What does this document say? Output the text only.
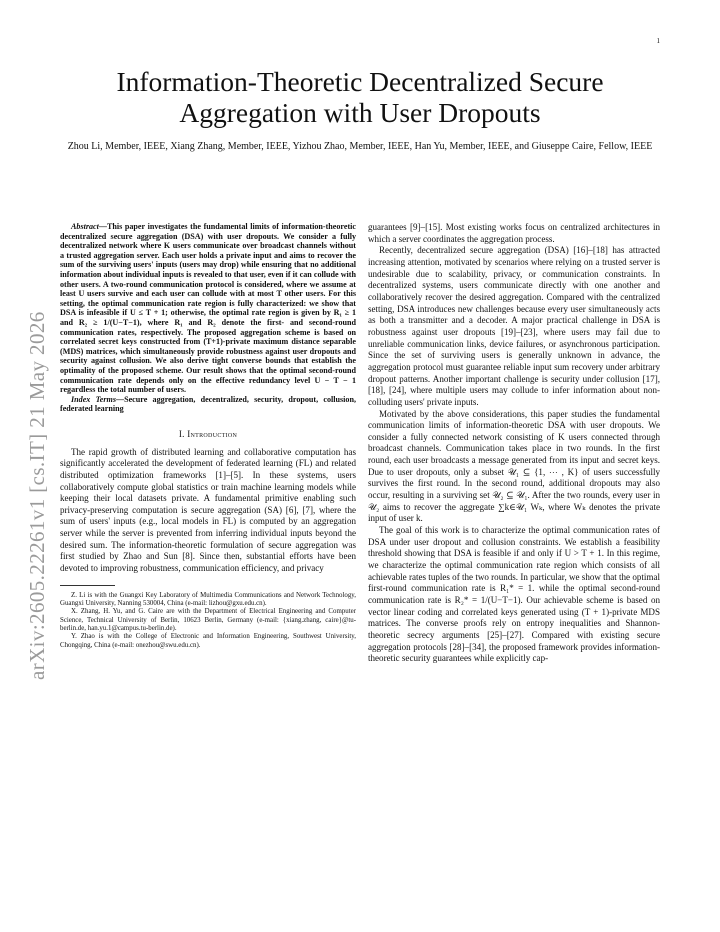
1
arXiv:2605.22261v1 [cs.IT] 21 May 2026
Information-Theoretic Decentralized Secure Aggregation with User Dropouts
Zhou Li, Member, IEEE, Xiang Zhang, Member, IEEE, Yizhou Zhao, Member, IEEE, Han Yu, Member, IEEE, and Giuseppe Caire, Fellow, IEEE

Abstract—This paper investigates the fundamental limits of information-theoretic decentralized secure aggregation (DSA) with user dropouts. We consider a fully decentralized network where K users communicate over broadcast channels without a trusted aggregation server. Each user holds a private input and aims to recover the sum of the surviving users' inputs (users may drop) while ensuring that no additional information about individual inputs is revealed to that user, even if it can collude with other users. A two-round communication protocol is considered, where we assume at least U users survive and each user can collude with at most T other users. For this setting, the optimal communication rate region is fully characterized: we show that DSA is infeasible if U ≤ T + 1; otherwise, the optimal rate region is given by R₁ ≥ 1 and R₂ ≥ 1/(U−T−1), where R₁ and R₂ denote the first- and second-round communication rates, respectively. The proposed aggregation scheme is based on correlated secret keys constructed from (T+1)-private maximum distance separable (MDS) matrices, which simultaneously provide robustness against user dropouts and security against collusion. We also derive tight converse bounds that establish the optimality of the proposed scheme. Our result shows that the optimal second-round communication rate depends only on the effective redundancy level U − T − 1 regardless the total number of users.

Index Terms—Secure aggregation, decentralized, security, dropout, collusion, federated learning

I. Introduction

The rapid growth of distributed learning and collaborative computation has significantly accelerated the development of federated learning (FL) and related distributed optimization frameworks [1]–[5]. In these systems, users collaboratively compute global statistics or train machine learning models while keeping their local datasets private. A fundamental primitive enabling such privacy-preserving computation is secure aggregation (SA) [6], [7], where the sum of users' inputs (e.g., local models in FL) is computed by an aggregation server while the server is prevented from inferring individual inputs beyond the desired sum. The information-theoretic formulation of secure aggregation was first studied by Zhao and Sun [8]. Since then, substantial efforts have been devoted to improving robustness, communication efficiency, and privacy

Z. Li is with the Guangxi Key Laboratory of Multimedia Communications and Network Technology, Guangxi University, Nanning 530004, China (e-mail: lizhou@gxu.edu.cn).

X. Zhang, H. Yu, and G. Caire are with the Department of Electrical Engineering and Computer Science, Technical University of Berlin, 10623 Berlin, Germany (e-mail: {xiang.zhang, caire}@tu-berlin.de, han.yu.1@campus.tu-berlin.de).

Y. Zhao is with the College of Electronic and Information Engineering, Southwest University, Chongqing, China (e-mail: onezhou@swu.edu.cn).

guarantees [9]–[15]. Most existing works focus on centralized architectures in which a server coordinates the aggregation process.

Recently, decentralized secure aggregation (DSA) [16]–[18] has attracted increasing attention, motivated by scenarios where relying on a trusted server is undesirable due to scalability, privacy, or communication constraints. In decentralized systems, users communicate directly with one another and collaboratively recover the desired aggregation. Compared with the centralized setting, DSA introduces new challenges because every user simultaneously acts as both a transmitter and a decoder. A major practical challenge in DSA is robustness against user dropouts [19]–[23], where users may fail due to unreliable communication links, device failures, or asynchronous participation. Since the set of surviving users is generally unknown in advance, the aggregation protocol must guarantee reliable input sum recovery under arbitrary dropout patterns. Another important challenge is security under collusion [17], [18], [24], where multiple users may collude to infer information about non-colluding users' private inputs.

Motivated by the above considerations, this paper studies the fundamental communication limits of information-theoretic DSA with user dropouts. We consider a fully connected network consisting of K users connected through broadcast channels. Communication takes place in two rounds. In the first round, each user broadcasts a message generated from its input and secret keys. Due to user dropouts, only a subset 𝒰₁ ⊆ {1, ⋯ , K} of users successfully survives the first round. In the second round, additional dropouts may also occur, resulting in a surviving set 𝒰₂ ⊆ 𝒰₁. After the two rounds, every user in 𝒰₂ aims to recover the aggregate ∑k∈𝒰₁ Wₖ, where Wₖ denotes the private input of user k.

The goal of this work is to characterize the optimal communication rates of DSA under user dropout and collusion constraints. We establish a feasibility threshold showing that DSA is feasible if and only if U > T + 1. In this regime, we characterize the optimal communication rate region which consists of all achievable rates tuples of the two rounds. In particular, we show that the optimal first-round communication rate is R₁* = 1. while the optimal second-round communication rate is R₂* = 1/(U−T−1). Our achievable scheme is based on vector linear coding and correlated keys generated using (T + 1)-private MDS matrices. The converse proofs rely on entropy inequalities and Shannon-theoretic secrecy arguments [25]–[27]. Compared with existing secure aggregation protocols [28]–[34], the proposed framework provides information-theoretic security guarantees while explicitly cap-
